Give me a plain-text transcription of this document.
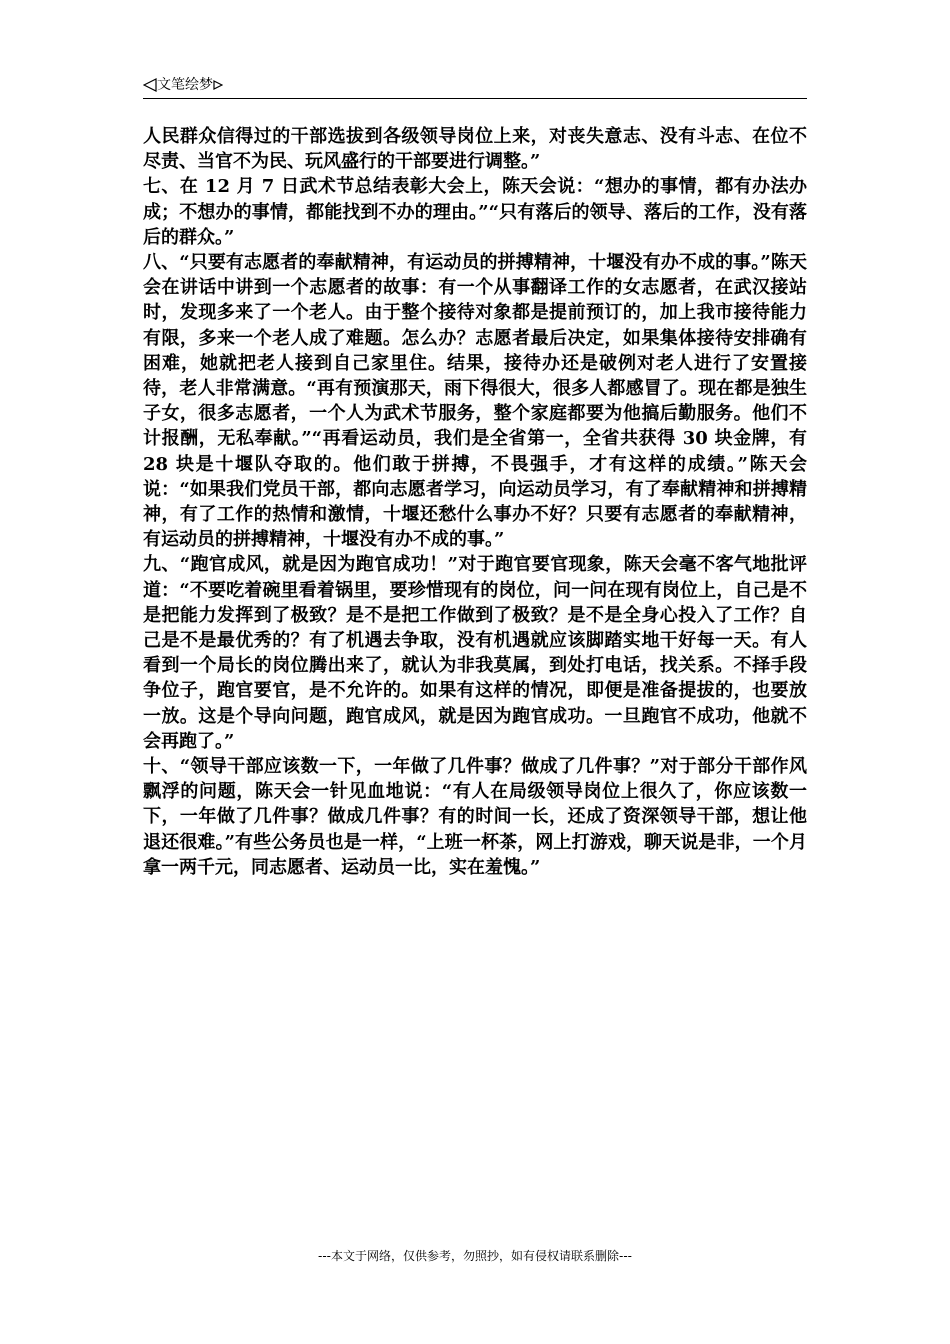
文笔绘梦

人民群众信得过的干部选拔到各级领导岗位上来，对丧失意志、没有斗志、在位不尽责、当官不为民、玩风盛行的干部要进行调整。”

七、在 12 月 7 日武术节总结表彰大会上，陈天会说：“想办的事情，都有办法办成；不想办的事情，都能找到不办的理由。”“只有落后的领导、落后的工作，没有落后的群众。”

八、“只要有志愿者的奉献精神，有运动员的拼搏精神，十堰没有办不成的事。”陈天会在讲话中讲到一个志愿者的故事：有一个从事翻译工作的女志愿者，在武汉接站时，发现多来了一个老人。由于整个接待对象都是提前预订的，加上我市接待能力有限，多来一个老人成了难题。怎么办？志愿者最后决定，如果集体接待安排确有困难，她就把老人接到自己家里住。结果，接待办还是破例对老人进行了安置接待，老人非常满意。“再有预演那天，雨下得很大，很多人都感冒了。现在都是独生子女，很多志愿者，一个人为武术节服务，整个家庭都要为他搞后勤服务。他们不计报酬，无私奉献。”“再看运动员，我们是全省第一，全省共获得 30 块金牌，有 28 块是十堰队夺取的。他们敢于拼搏，不畏强手，才有这样的成绩。”陈天会说：“如果我们党员干部，都向志愿者学习，向运动员学习，有了奉献精神和拼搏精神，有了工作的热情和激情，十堰还愁什么事办不好？只要有志愿者的奉献精神，有运动员的拼搏精神，十堰没有办不成的事。”

九、“跑官成风，就是因为跑官成功！”对于跑官要官现象，陈天会毫不客气地批评道：“不要吃着碗里看着锅里，要珍惜现有的岗位，问一问在现有岗位上，自己是不是把能力发挥到了极致？是不是把工作做到了极致？是不是全身心投入了工作？自己是不是最优秀的？有了机遇去争取，没有机遇就应该脚踏实地干好每一天。有人看到一个局长的岗位腾出来了，就认为非我莫属，到处打电话，找关系。不择手段争位子，跑官要官，是不允许的。如果有这样的情况，即便是准备提拔的，也要放一放。这是个导向问题，跑官成风，就是因为跑官成功。一旦跑官不成功，他就不会再跑了。”

十、“领导干部应该数一下，一年做了几件事？做成了几件事？”对于部分干部作风飘浮的问题，陈天会一针见血地说：“有人在局级领导岗位上很久了，你应该数一下，一年做了几件事？做成几件事？有的时间一长，还成了资深领导干部，想让他退还很难。”有些公务员也是一样，“上班一杯茶，网上打游戏，聊天说是非，一个月拿一两千元，同志愿者、运动员一比，实在羞愧。”

---本文于网络，仅供参考，勿照抄，如有侵权请联系删除---
